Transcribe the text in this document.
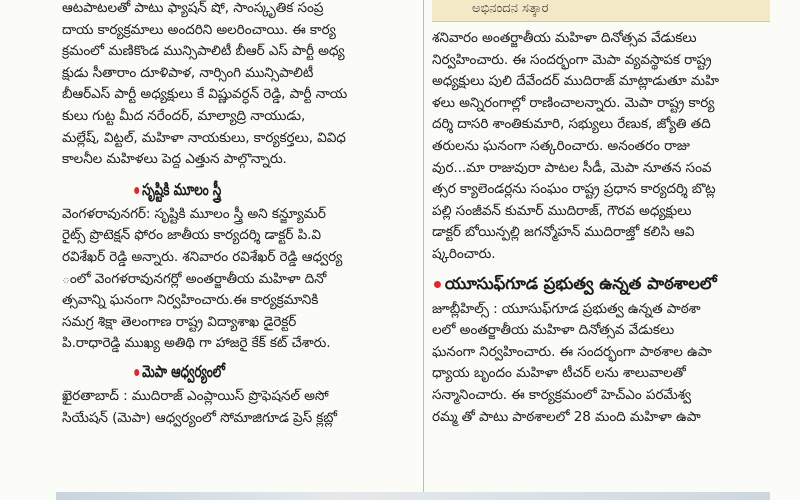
ಅಭಿನಂದನ ಸತ್ಕಾರ
ఆటపాటలతో పాటు ఫ్యాషన్ షో, సాంస్కృతిక సంప్ర
దాయ కార్యక్రమాలు అందరిని అలరించాయి. ఈ కార్య
క్రమంలో మణికొండ మున్సిపాలిటీ బీఆర్ ఎస్ పార్టీ అధ్య
క్షుడు సీతారాం దూళిపాళ, నార్సింగి మున్సిపాలిటీ
బీఆర్ఎస్ పార్టీ అధ్యక్షులు కే విష్ణువర్ధన్ రెడ్డి, పార్టీ నాయ
కులు గుట్ట మీద నరేందర్, మాల్యాద్రి నాయుడు,
మల్లేష్, విట్టల్, మహిళా నాయకులు, కార్యకర్తలు, వివిధ
కాలనీల మహిళలు పెద్ద ఎత్తున పాల్గొన్నారు.
సృష్టికి మూలం స్త్రీ
వెంగళరావునగర్: సృష్టికి మూలం స్త్రీ అని కన్జ్యూమర్
రైట్స్ ప్రొటెక్షన్ ఫోరం జాతీయ కార్యదర్శి డాక్టర్ పి.వి
రవిశేఖర్ రెడ్డి అన్నారు. శనివారం రవిశేఖర్ రెడ్డి ఆధ్వర్య
ంలో వెంగళరావునగర్లో అంతర్జాతీయ మహిళా దినో
త్సవాన్ని ఘనంగా నిర్వహించారు.ఈ కార్యక్రమానికి
సమగ్ర శిక్షా తెలంగాణ రాష్ట్ర విద్యాశాఖ డైరెక్టర్
పి.రాధారెడ్డి ముఖ్య అతిథి గా హాజరై కేక్ కట్ చేశారు.
మెపా ఆధ్వర్యంలో
ఖైరతాబాద్ : ముదిరాజ్ ఎంప్లాయిస్ ప్రొఫెషనల్ అసో
సియేషన్ (మెపా) ఆధ్వర్యంలో సోమాజిగూడ ప్రెస్ క్లబ్లో
శనివారం అంతర్జాతీయ మహిళా దినోత్సవ వేడుకలు
నిర్వహించారు. ఈ సందర్భంగా మెపా వ్యవస్థాపక రాష్ట్ర
అధ్యక్షులు పులి దేవేందర్ ముదిరాజ్ మాట్లాడుతూ మహి
ళలు అన్నిరంగాల్లో రాణించాలన్నారు. మెపా రాష్ట్ర కార్య
దర్శి దాసరి శాంతికుమారి, సభ్యులు రేణుక, జ్యోతి తది
తరులను ఘనంగా సత్కరించారు. అనంతరం రాజు
వుర...మా రాజువురా పాటల సీడీ, మెపా నూతన సంవ
త్సర క్యాలెండర్లను సంఘం రాష్ట్ర ప్రధాన కార్యదర్శి బొట్ల
పల్లి సంజీవన్ కుమార్ ముదిరాజ్, గౌరవ అధ్యక్షులు
డాక్టర్ బోయిన్పల్లి జగన్మోహన్ ముదిరాజ్తో కలిసి ఆవి
ష్కరించారు.
యూసుఫ్‌గూడ ప్రభుత్వ ఉన్నత పాఠశాలలో
జూబ్లీహిల్స్ : యూసుఫ్‌గూడ ప్రభుత్వ ఉన్నత పాఠశా
లలో అంతర్జాతీయ మహిళా దినోత్సవ వేడుకలు
ఘనంగా నిర్వహించారు. ఈ సందర్భంగా పాఠశాల ఉపా
ధ్యాయ బృందం మహిళా టీచర్ లను శాలువాలతో
సన్మానించారు. ఈ కార్యక్రమంలో హెచ్ఎం పరమేశ్వ
రమ్మ తో పాటు పాఠశాలలో 28 మంది మహిళా ఉపా
